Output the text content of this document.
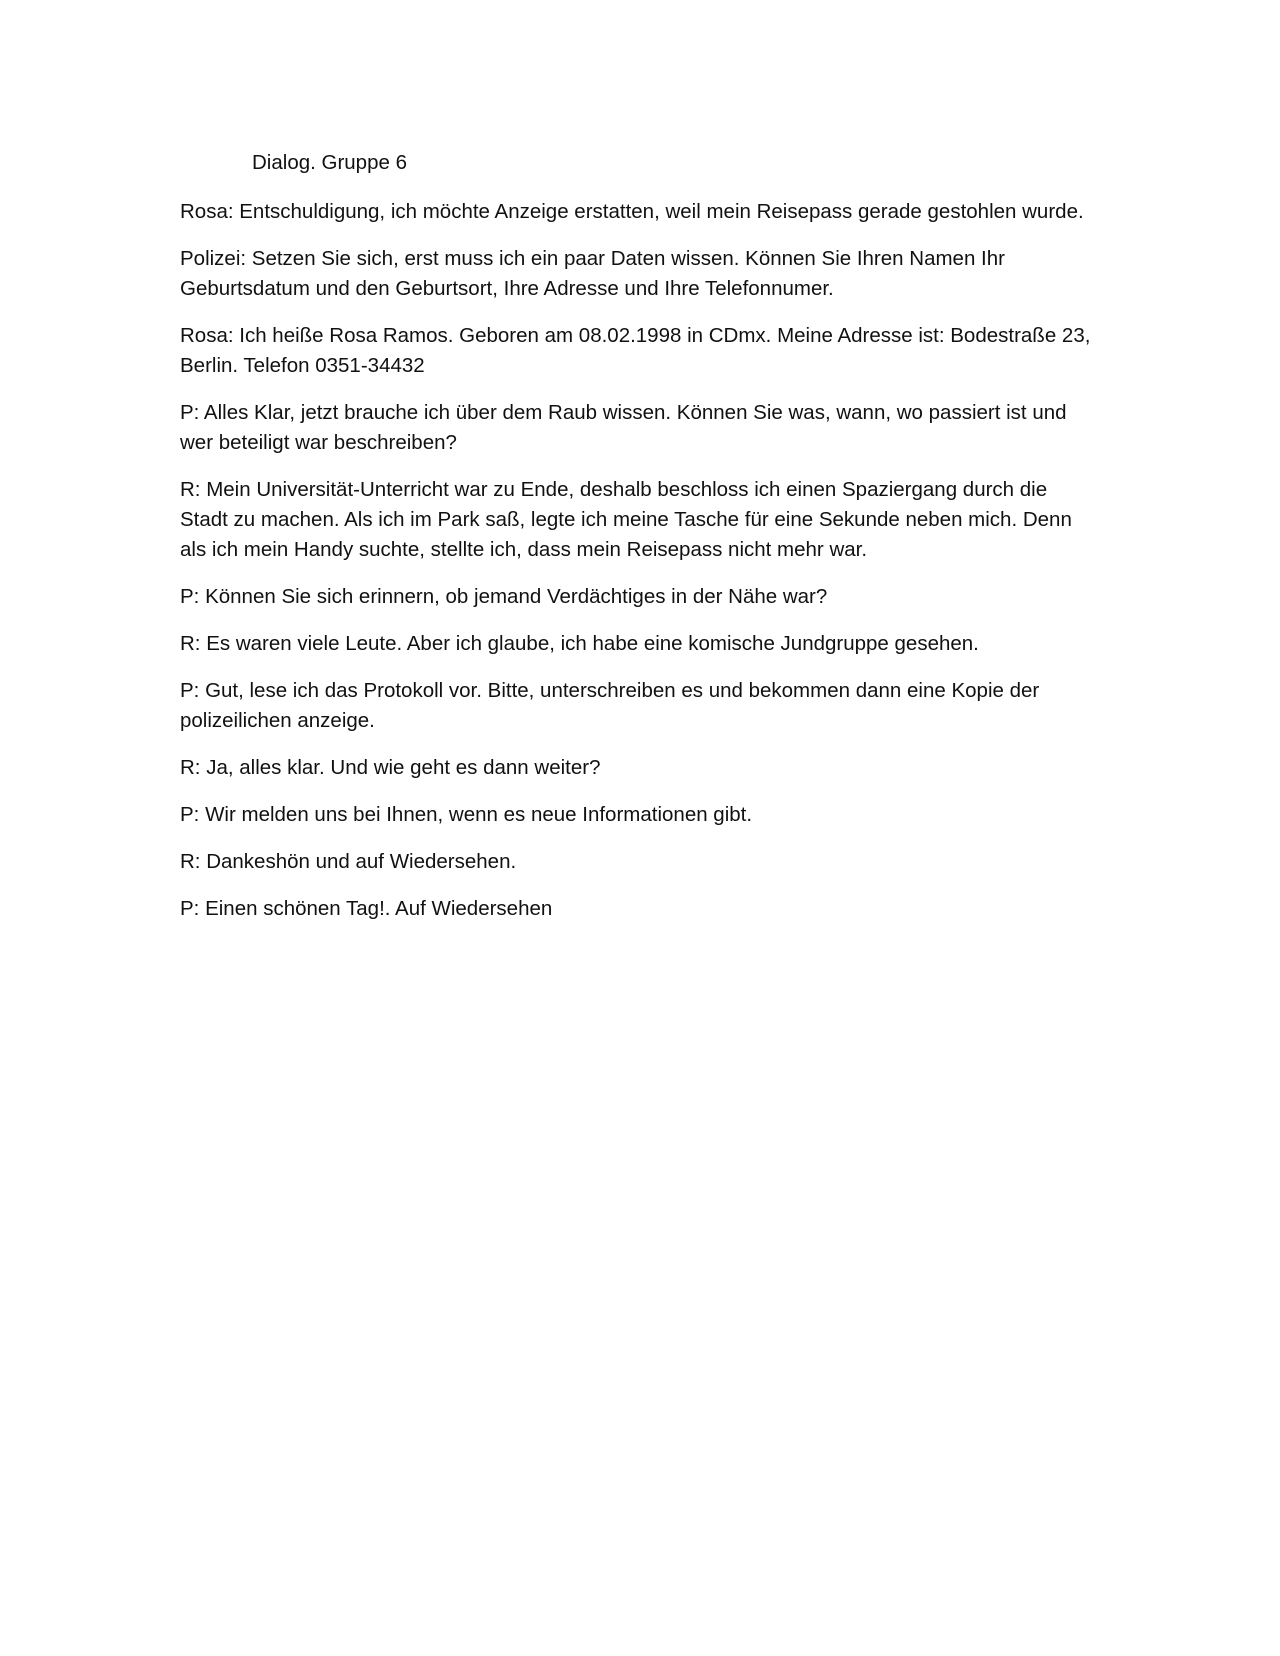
Dialog. Gruppe 6

Rosa: Entschuldigung, ich möchte Anzeige erstatten, weil mein Reisepass gerade gestohlen wurde.

Polizei: Setzen Sie sich, erst muss ich ein paar Daten wissen. Können Sie Ihren Namen Ihr Geburtsdatum und den Geburtsort, Ihre Adresse und Ihre Telefonnumer.

Rosa: Ich heiße Rosa Ramos. Geboren am 08.02.1998 in CDmx. Meine Adresse ist: Bodestraße 23, Berlin. Telefon 0351-34432

P: Alles Klar, jetzt brauche ich über dem Raub wissen. Können Sie was, wann, wo passiert ist und wer beteiligt war beschreiben?

R: Mein Universität-Unterricht war zu Ende, deshalb beschloss ich einen Spaziergang durch die Stadt zu machen. Als ich im Park saß, legte ich meine Tasche für eine Sekunde neben mich. Denn als ich mein Handy suchte, stellte ich, dass mein Reisepass nicht mehr war.

P: Können Sie sich erinnern, ob jemand Verdächtiges in der Nähe war?

R: Es waren viele Leute. Aber ich glaube, ich habe eine komische Jundgruppe gesehen.

P: Gut, lese ich das Protokoll vor. Bitte, unterschreiben es und bekommen dann eine Kopie der polizeilichen anzeige.

R: Ja, alles klar. Und wie geht es dann weiter?

P: Wir melden uns bei Ihnen, wenn es neue Informationen gibt.

R: Dankeshön und auf Wiedersehen.

P: Einen schönen Tag!. Auf Wiedersehen
